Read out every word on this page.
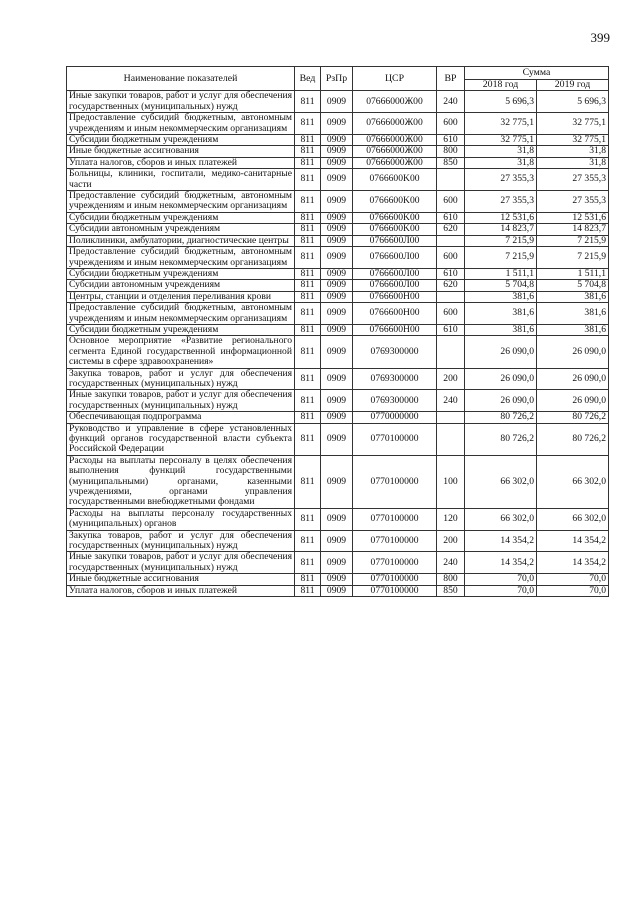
399
Наименование показателей	Вед	РзПр	ЦСР	ВР	Сумма	
					2018 год	2019 год
Иные закупки товаров, работ и услуг для обеспечения государственных (муниципальных) нужд	811	0909	07666000Ж00	240	5 696,3	5 696,3
Предоставление субсидий бюджетным, автономным учреждениям и иным некоммерческим организациям	811	0909	07666000Ж00	600	32 775,1	32 775,1
Субсидии бюджетным учреждениям	811	0909	07666000Ж00	610	32 775,1	32 775,1
Иные бюджетные ассигнования	811	0909	07666000Ж00	800	31,8	31,8
Уплата налогов, сборов и иных платежей	811	0909	07666000Ж00	850	31,8	31,8
Больницы, клиники, госпитали, медико-санитарные части	811	0909	0766600K00		27 355,3	27 355,3
Предоставление субсидий бюджетным, автономным учреждениям и иным некоммерческим организациям	811	0909	0766600K00	600	27 355,3	27 355,3
Субсидии бюджетным учреждениям	811	0909	0766600K00	610	12 531,6	12 531,6
Субсидии автономным учреждениям	811	0909	0766600K00	620	14 823,7	14 823,7
Поликлиники, амбулатории, диагностические центры	811	0909	0766600Л00		7 215,9	7 215,9
Предоставление субсидий бюджетным, автономным учреждениям и иным некоммерческим организациям	811	0909	0766600Л00	600	7 215,9	7 215,9
Субсидии бюджетным учреждениям	811	0909	0766600Л00	610	1 511,1	1 511,1
Субсидии автономным учреждениям	811	0909	0766600Л00	620	5 704,8	5 704,8
Центры, станции и отделения переливания крови	811	0909	0766600H00		381,6	381,6
Предоставление субсидий бюджетным, автономным учреждениям и иным некоммерческим организациям	811	0909	0766600H00	600	381,6	381,6
Субсидии бюджетным учреждениям	811	0909	0766600H00	610	381,6	381,6
Основное мероприятие «Развитие регионального сегмента Единой государственной информационной системы в сфере здравоохранения»	811	0909	0769300000		26 090,0	26 090,0
Закупка товаров, работ и услуг для обеспечения государственных (муниципальных) нужд	811	0909	0769300000	200	26 090,0	26 090,0
Иные закупки товаров, работ и услуг для обеспечения государственных (муниципальных) нужд	811	0909	0769300000	240	26 090,0	26 090,0
Обеспечивающая подпрограмма	811	0909	0770000000		80 726,2	80 726,2
Руководство и управление в сфере установленных функций органов государственной власти субъекта Российской Федерации	811	0909	0770100000		80 726,2	80 726,2
Расходы на выплаты персоналу в целях обеспечения выполнения функций государственными (муниципальными) органами, казенными учреждениями, органами управления государственными внебюджетными фондами	811	0909	0770100000	100	66 302,0	66 302,0
Расходы на выплаты персоналу государственных (муниципальных) органов	811	0909	0770100000	120	66 302,0	66 302,0
Закупка товаров, работ и услуг для обеспечения государственных (муниципальных) нужд	811	0909	0770100000	200	14 354,2	14 354,2
Иные закупки товаров, работ и услуг для обеспечения государственных (муниципальных) нужд	811	0909	0770100000	240	14 354,2	14 354,2
Иные бюджетные ассигнования	811	0909	0770100000	800	70,0	70,0
Уплата налогов, сборов и иных платежей	811	0909	0770100000	850	70,0	70,0
